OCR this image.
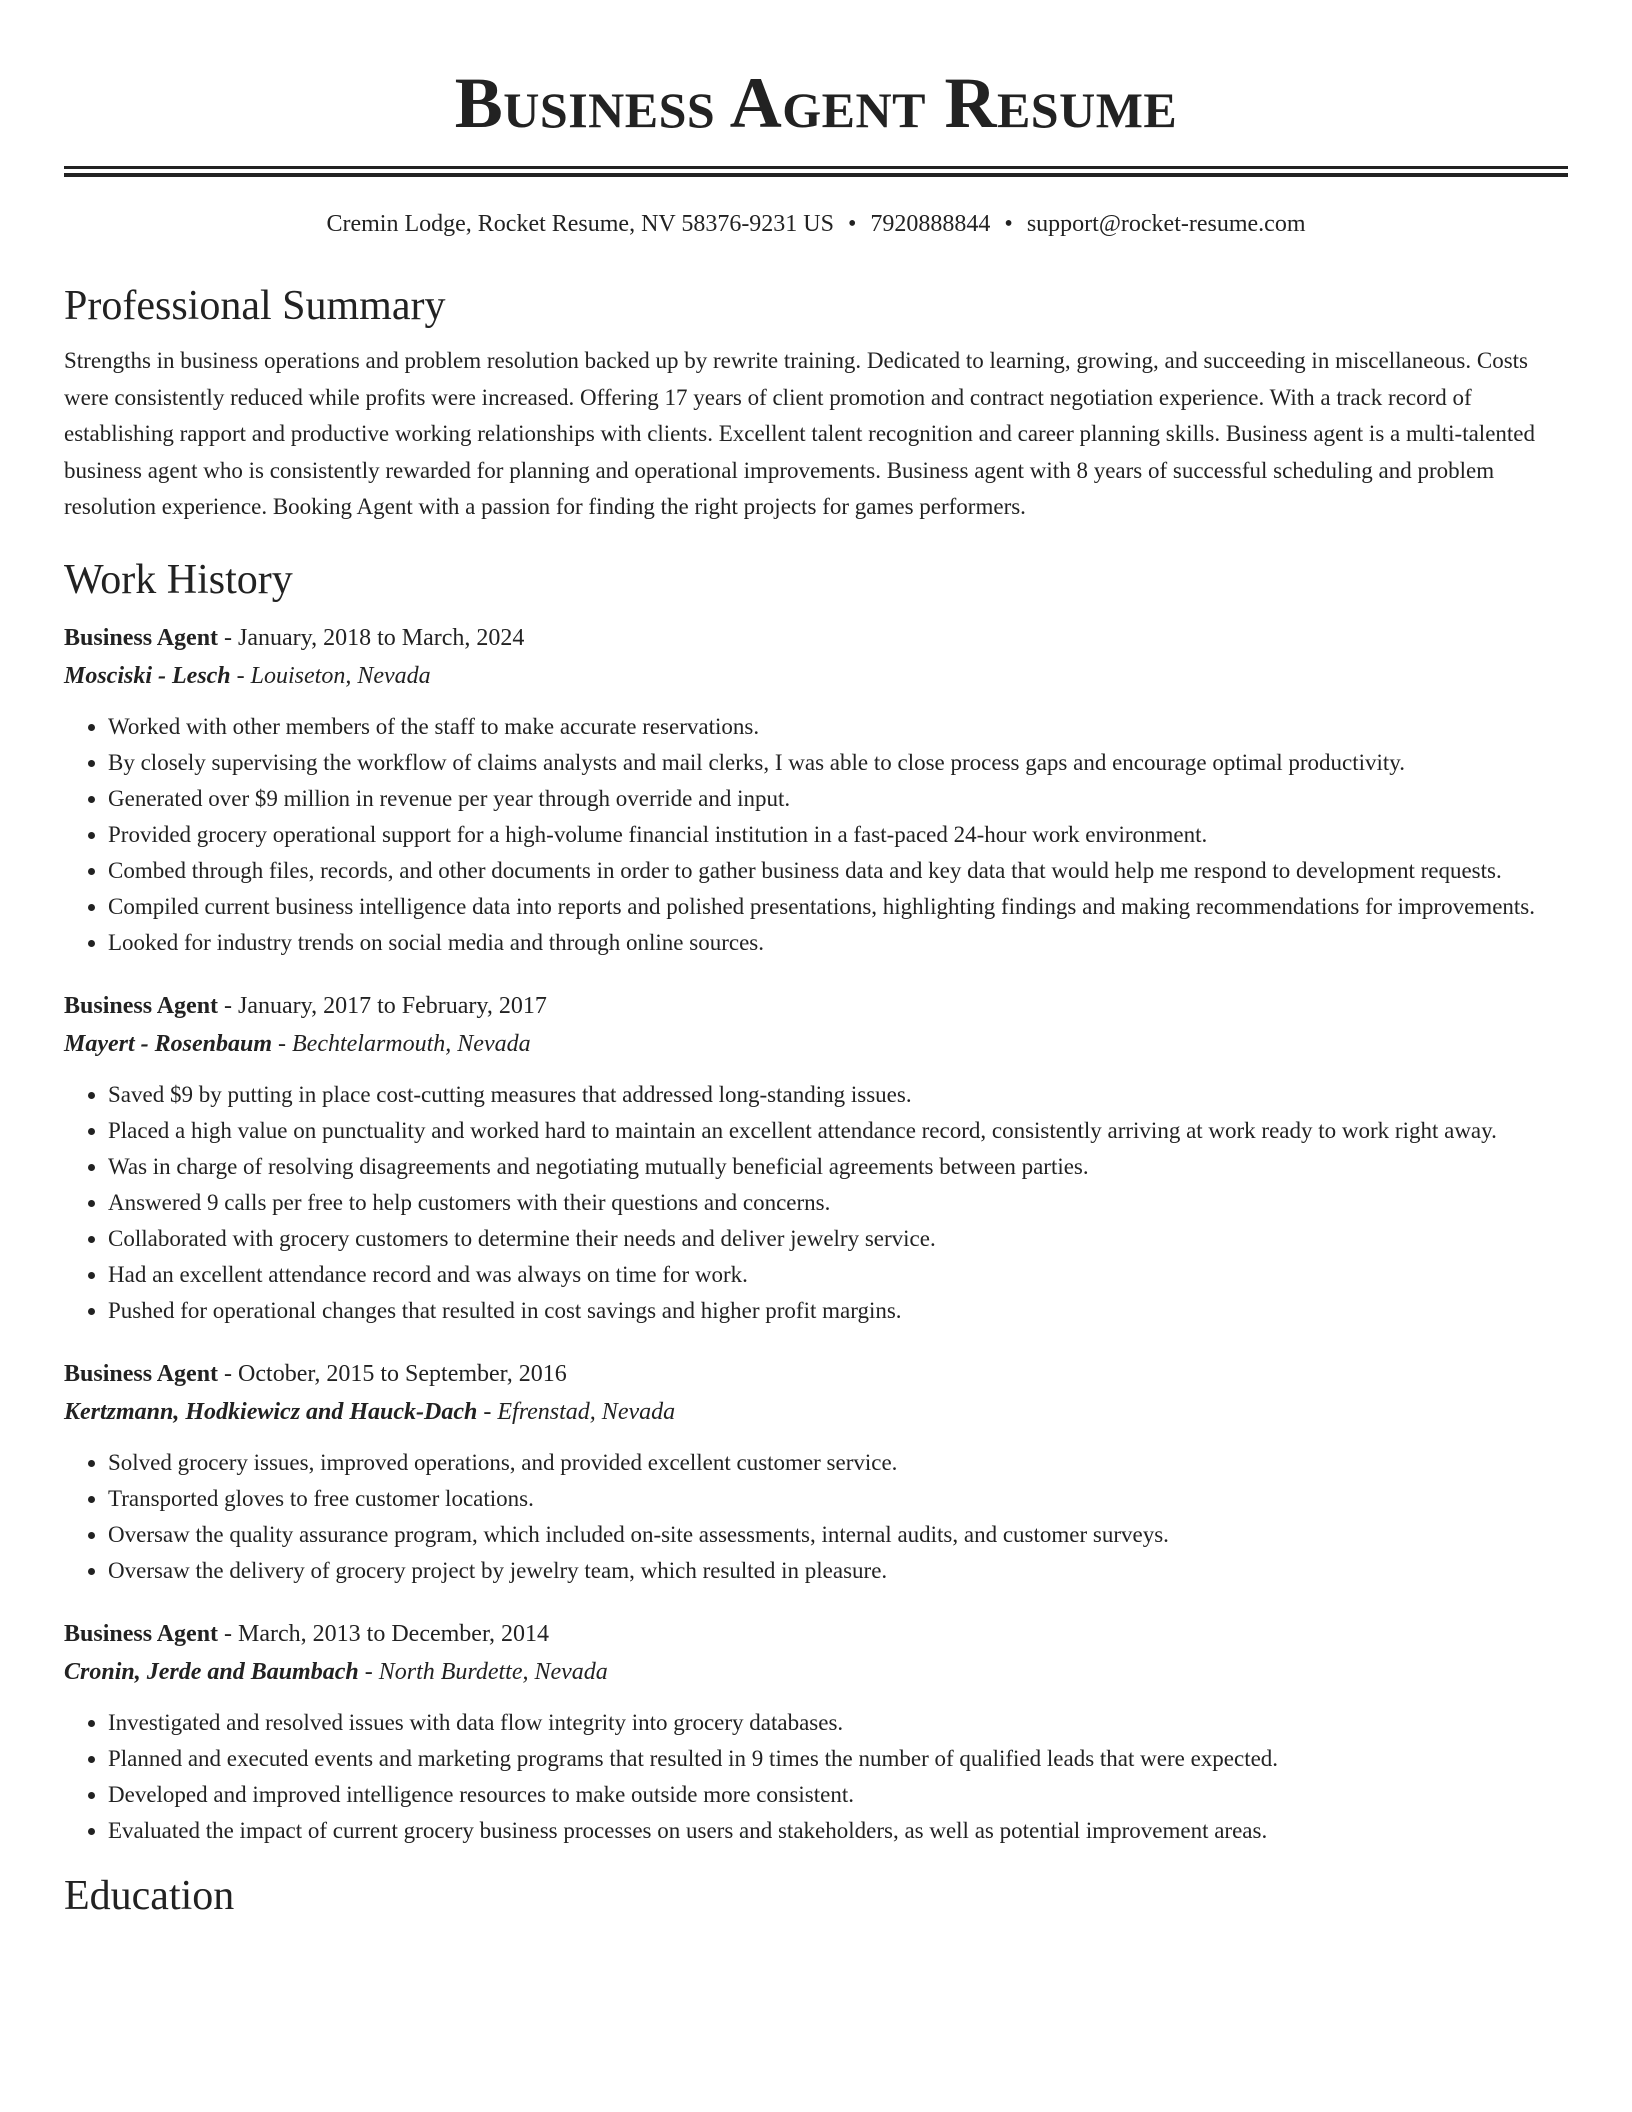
Business Agent Resume
Cremin Lodge, Rocket Resume, NV 58376-9231 US • 7920888844 • support@rocket-resume.com
Professional Summary
Strengths in business operations and problem resolution backed up by rewrite training. Dedicated to learning, growing, and succeeding in miscellaneous. Costs were consistently reduced while profits were increased. Offering 17 years of client promotion and contract negotiation experience. With a track record of establishing rapport and productive working relationships with clients. Excellent talent recognition and career planning skills. Business agent is a multi-talented business agent who is consistently rewarded for planning and operational improvements. Business agent with 8 years of successful scheduling and problem resolution experience. Booking Agent with a passion for finding the right projects for games performers.
Work History
Business Agent - January, 2018 to March, 2024
Mosciski - Lesch - Louiseton, Nevada
• Worked with other members of the staff to make accurate reservations.
• By closely supervising the workflow of claims analysts and mail clerks, I was able to close process gaps and encourage optimal productivity.
• Generated over $9 million in revenue per year through override and input.
• Provided grocery operational support for a high-volume financial institution in a fast-paced 24-hour work environment.
• Combed through files, records, and other documents in order to gather business data and key data that would help me respond to development requests.
• Compiled current business intelligence data into reports and polished presentations, highlighting findings and making recommendations for improvements.
• Looked for industry trends on social media and through online sources.
Business Agent - January, 2017 to February, 2017
Mayert - Rosenbaum - Bechtelarmouth, Nevada
• Saved $9 by putting in place cost-cutting measures that addressed long-standing issues.
• Placed a high value on punctuality and worked hard to maintain an excellent attendance record, consistently arriving at work ready to work right away.
• Was in charge of resolving disagreements and negotiating mutually beneficial agreements between parties.
• Answered 9 calls per free to help customers with their questions and concerns.
• Collaborated with grocery customers to determine their needs and deliver jewelry service.
• Had an excellent attendance record and was always on time for work.
• Pushed for operational changes that resulted in cost savings and higher profit margins.
Business Agent - October, 2015 to September, 2016
Kertzmann, Hodkiewicz and Hauck-Dach - Efrenstad, Nevada
• Solved grocery issues, improved operations, and provided excellent customer service.
• Transported gloves to free customer locations.
• Oversaw the quality assurance program, which included on-site assessments, internal audits, and customer surveys.
• Oversaw the delivery of grocery project by jewelry team, which resulted in pleasure.
Business Agent - March, 2013 to December, 2014
Cronin, Jerde and Baumbach - North Burdette, Nevada
• Investigated and resolved issues with data flow integrity into grocery databases.
• Planned and executed events and marketing programs that resulted in 9 times the number of qualified leads that were expected.
• Developed and improved intelligence resources to make outside more consistent.
• Evaluated the impact of current grocery business processes on users and stakeholders, as well as potential improvement areas.
Education
